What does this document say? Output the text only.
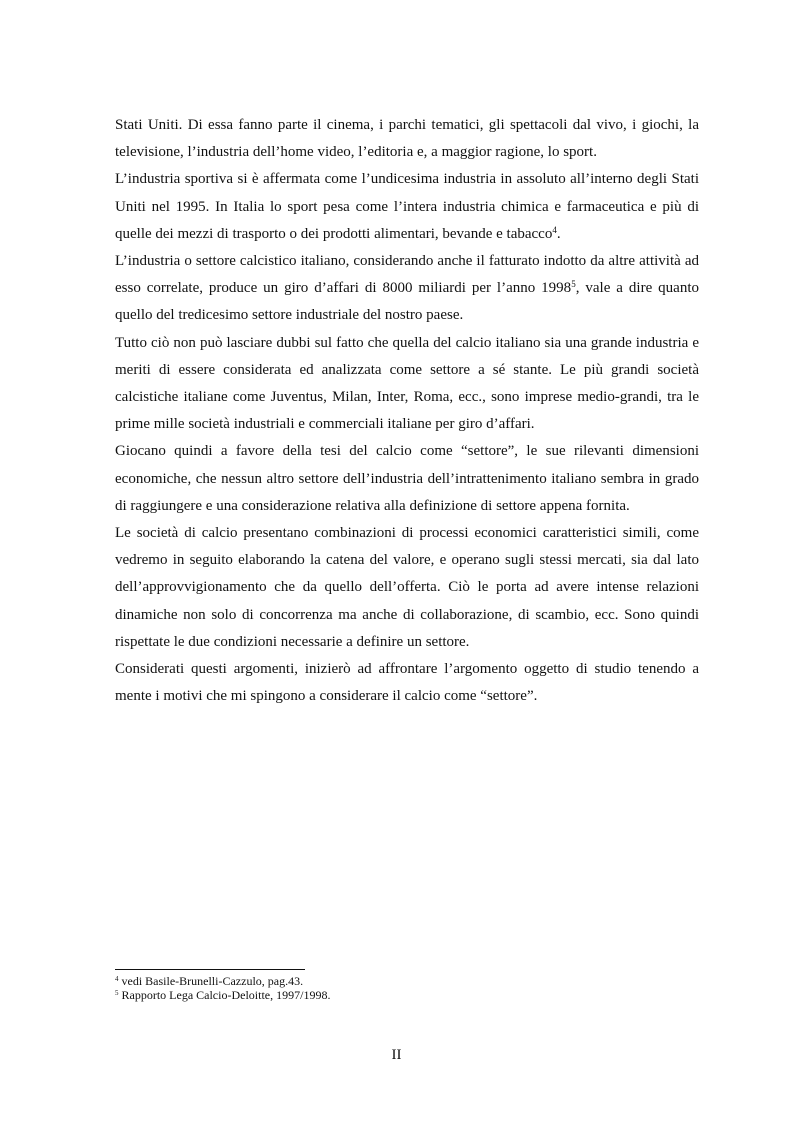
Stati Uniti. Di essa fanno parte il cinema, i parchi tematici, gli spettacoli dal vivo, i giochi, la televisione, l’industria dell’home video, l’editoria e, a maggior ragione, lo sport.

L’industria sportiva si è affermata come l’undicesima industria in assoluto all’interno degli Stati Uniti nel 1995. In Italia lo sport pesa come l’intera industria chimica e farmaceutica e più di quelle dei mezzi di trasporto o dei prodotti alimentari, bevande e tabacco$^4$.

L’industria o settore calcistico italiano, considerando anche il fatturato indotto da altre attività ad esso correlate, produce un giro d’affari di 8000 miliardi per l’anno 1998$^5$, vale a dire quanto quello del tredicesimo settore industriale del nostro paese.

Tutto ciò non può lasciare dubbi sul fatto che quella del calcio italiano sia una grande industria e meriti di essere considerata ed analizzata come settore a sé stante. Le più grandi società calcistiche italiane come Juventus, Milan, Inter, Roma, ecc., sono imprese medio-grandi, tra le prime mille società industriali e commerciali italiane per giro d’affari.

Giocano quindi a favore della tesi del calcio come “settore”, le sue rilevanti dimensioni economiche, che nessun altro settore dell’industria dell’intrattenimento italiano sembra in grado di raggiungere e una considerazione relativa alla definizione di settore appena fornita.

Le società di calcio presentano combinazioni di processi economici caratteristici simili, come vedremo in seguito elaborando la catena del valore, e operano sugli stessi mercati, sia dal lato dell’approvvigionamento che da quello dell’offerta. Ciò le porta ad avere intense relazioni dinamiche non solo di concorrenza ma anche di collaborazione, di scambio, ecc. Sono quindi rispettate le due condizioni necessarie a definire un settore.

Considerati questi argomenti, inizierò ad affrontare l’argomento oggetto di studio tenendo a mente i motivi che mi spingono a considerare il calcio come “settore”.

$^4$ vedi Basile-Brunelli-Cazzulo, pag.43.

$^5$ Rapporto Lega Calcio-Deloitte, 1997/1998.

II
